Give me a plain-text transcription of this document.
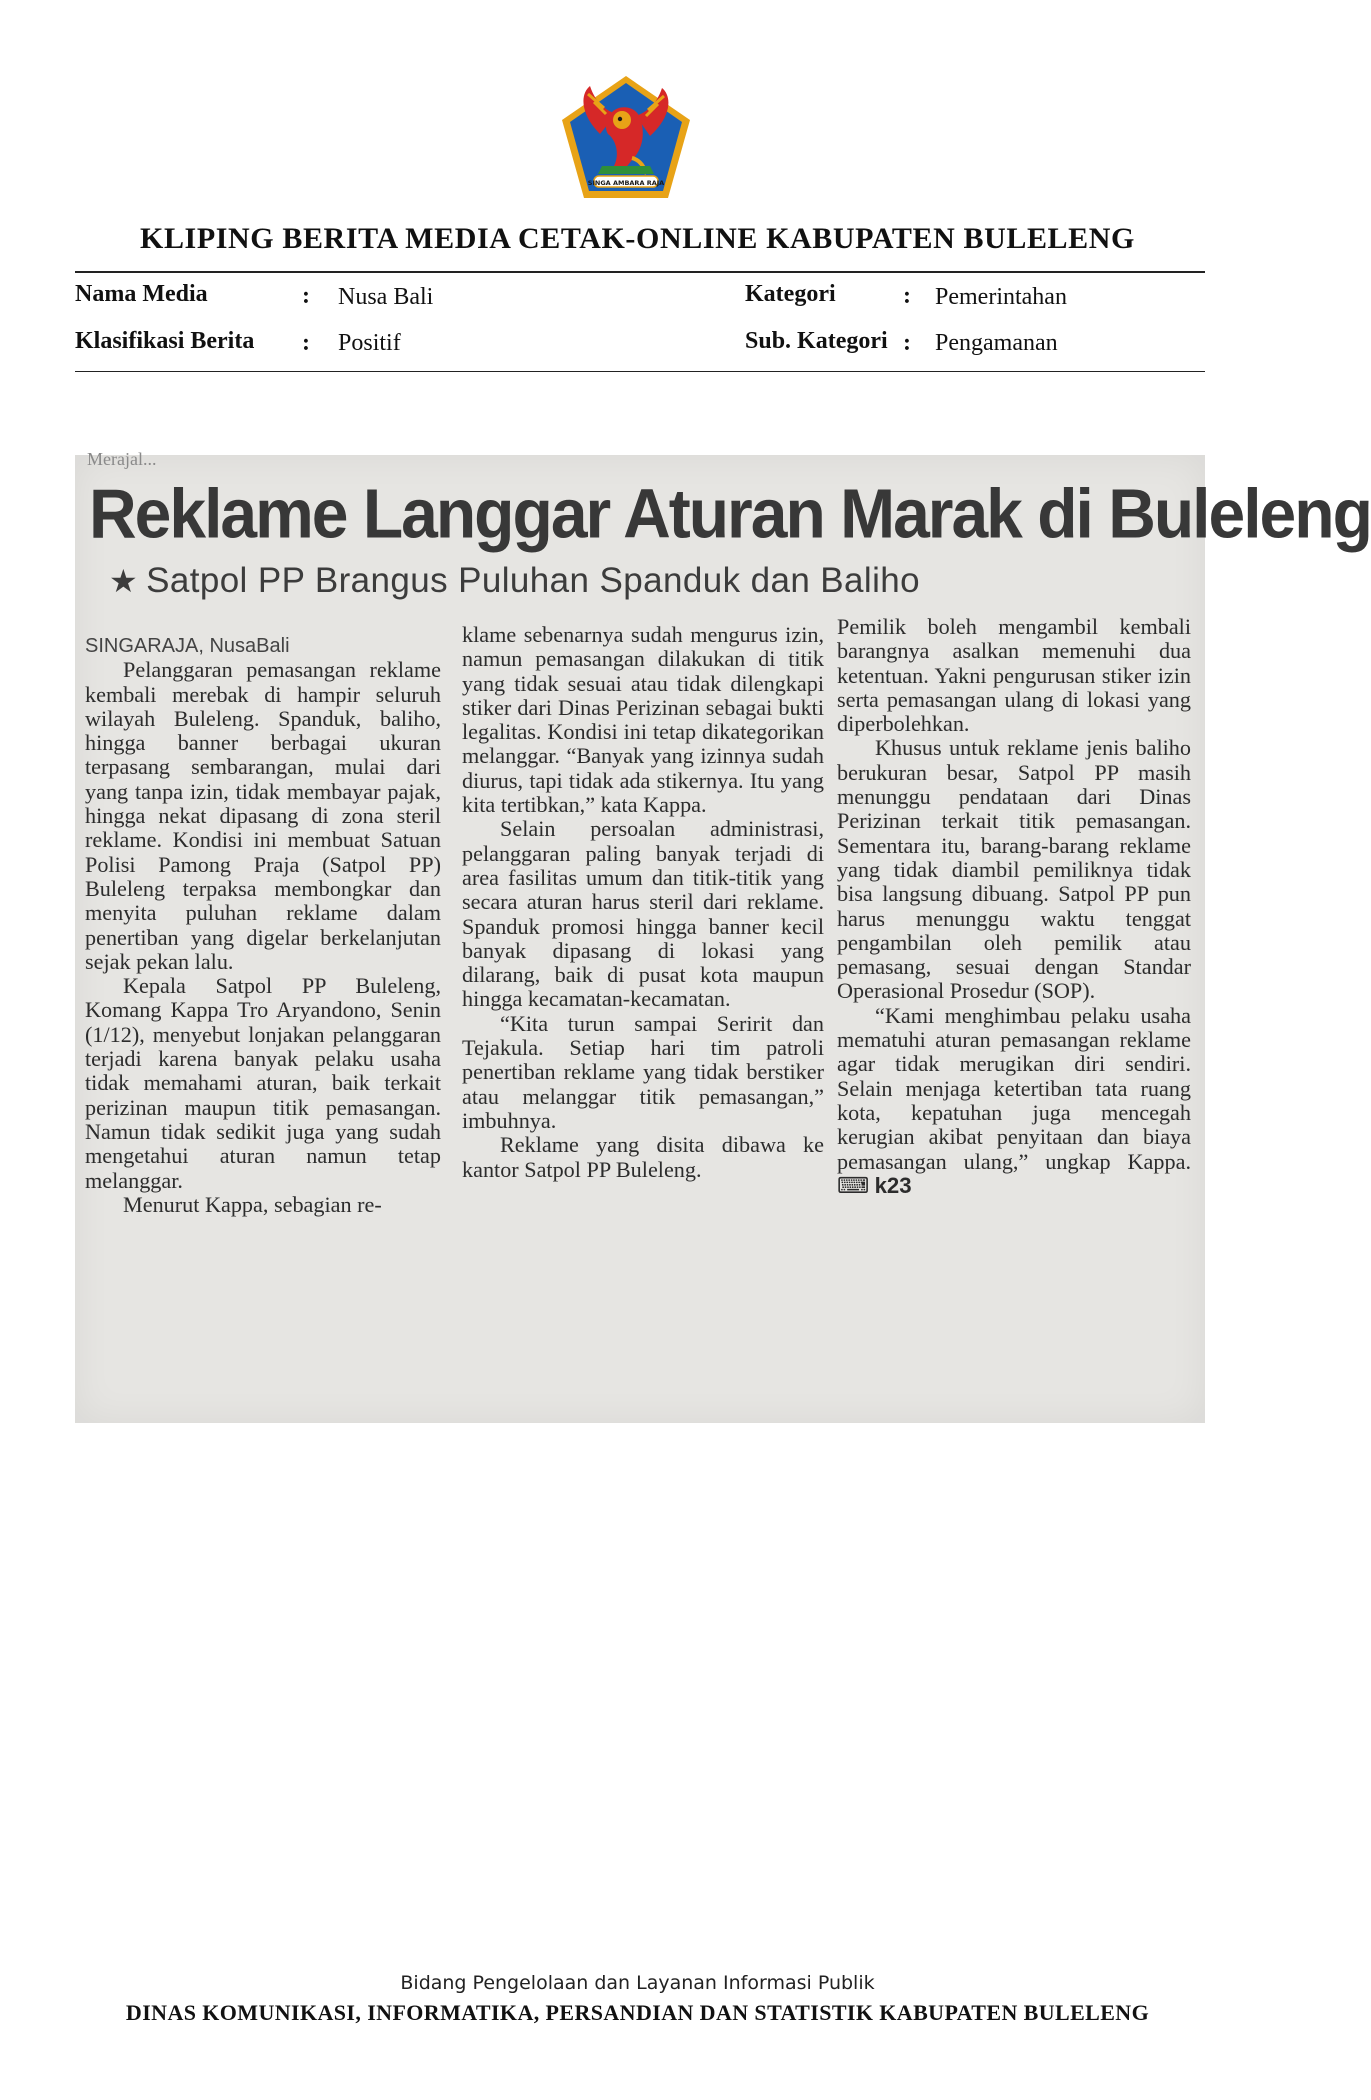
SINGA AMBARA RAJA
KLIPING BERITA MEDIA CETAK-ONLINE KABUPATEN BULELENG
Nama Media	: Nusa Bali	Kategori	: Pemerintahan
Klasifikasi Berita : Positif	Sub. Kategori : Pengamanan
Merajal...
Reklame Langgar Aturan Marak di Buleleng
★ Satpol PP Brangus Puluhan Spanduk dan Baliho

SINGARAJA, NusaBali

Pelanggaran pemasangan reklame kembali merebak di hampir seluruh wilayah Buleleng. Spanduk, baliho, hingga banner berbagai ukuran terpasang sembarangan, mulai dari yang tanpa izin, tidak membayar pajak, hingga nekat dipasang di zona steril reklame. Kondisi ini membuat Satuan Polisi Pamong Praja (Satpol PP) Buleleng terpaksa membongkar dan menyita puluhan reklame dalam penertiban yang digelar berkelanjutan sejak pekan lalu.

Kepala Satpol PP Buleleng, Komang Kappa Tro Aryandono, Senin (1/12), menyebut lonjakan pelanggaran terjadi karena banyak pelaku usaha tidak memahami aturan, baik terkait perizinan maupun titik pemasangan. Namun tidak sedikit juga yang sudah mengetahui aturan namun tetap melanggar.

Menurut Kappa, sebagian re-

klame sebenarnya sudah mengurus izin, namun pemasangan dilakukan di titik yang tidak sesuai atau tidak dilengkapi stiker dari Dinas Perizinan sebagai bukti legalitas. Kondisi ini tetap dikategorikan melanggar. “Banyak yang izinnya sudah diurus, tapi tidak ada stikernya. Itu yang kita tertibkan,” kata Kappa.

Selain persoalan administrasi, pelanggaran paling banyak terjadi di area fasilitas umum dan titik-titik yang secara aturan harus steril dari reklame. Spanduk promosi hingga banner kecil banyak dipasang di lokasi yang dilarang, baik di pusat kota maupun hingga kecamatan-kecamatan.

“Kita turun sampai Seririt dan Tejakula. Setiap hari tim patroli penertiban reklame yang tidak berstiker atau melanggar titik pemasangan,” imbuhnya.

Reklame yang disita dibawa ke kantor Satpol PP Buleleng.

Pemilik boleh mengambil kembali barangnya asalkan memenuhi dua ketentuan. Yakni pengurusan stiker izin serta pemasangan ulang di lokasi yang diperbolehkan.

Khusus untuk reklame jenis baliho berukuran besar, Satpol PP masih menunggu pendataan dari Dinas Perizinan terkait titik pemasangan. Sementara itu, barang-barang reklame yang tidak diambil pemiliknya tidak bisa langsung dibuang. Satpol PP pun harus menunggu waktu tenggat pengambilan oleh pemilik atau pemasang, sesuai dengan Standar Operasional Prosedur (SOP).

“Kami menghimbau pelaku usaha mematuhi aturan pemasangan reklame agar tidak merugikan diri sendiri. Selain menjaga ketertiban tata ruang kota, kepatuhan juga mencegah kerugian akibat penyitaan dan biaya pemasangan ulang,” ungkap Kappa. ⌨ k23

Bidang Pengelolaan dan Layanan Informasi Publik
DINAS KOMUNIKASI, INFORMATIKA, PERSANDIAN DAN STATISTIK KABUPATEN BULELENG
